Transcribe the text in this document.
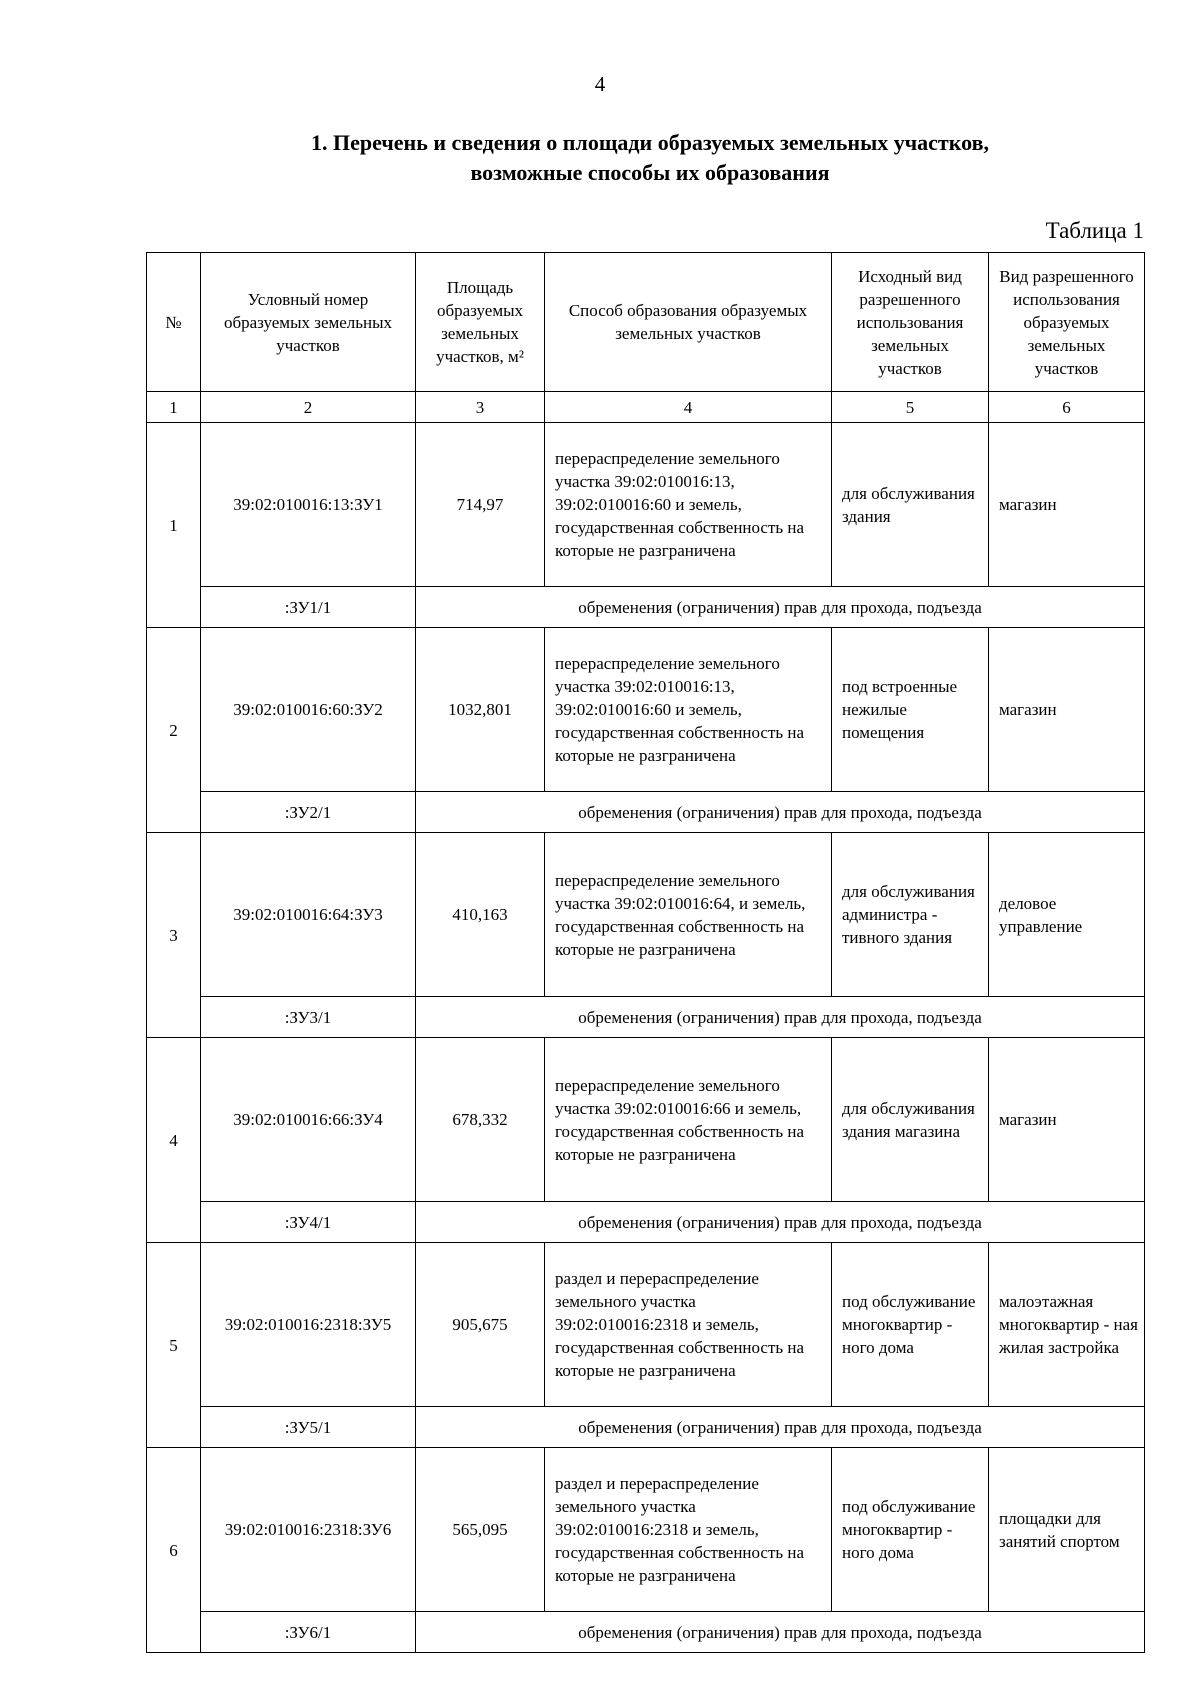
4
1. Перечень и сведения о площади образуемых земельных участков,
возможные способы их образования
Таблица 1
№	Условный номер образуемых земельных участков	Площадь образуемых земельных участков, м²	Способ образования образуемых земельных участков	Исходный вид разрешенного использования земельных участков	Вид разрешенного использования образуемых земельных участков
1	2	3	4	5	6
1	39:02:010016:13:ЗУ1	714,97	перераспределение земельного участка 39:02:010016:13, 39:02:010016:60 и земель, государственная собственность на которые не разграничена	для обслуживания здания	магазин
	:ЗУ1/1	обременения (ограничения) прав для прохода, подъезда			
2	39:02:010016:60:ЗУ2	1032,801	перераспределение земельного участка 39:02:010016:13, 39:02:010016:60 и земель, государственная собственность на которые не разграничена	под встроенные нежилые помещения	магазин
	:ЗУ2/1	обременения (ограничения) прав для прохода, подъезда			
3	39:02:010016:64:ЗУ3	410,163	перераспределение земельного участка 39:02:010016:64, и земель, государственная собственность на которые не разграничена	для обслуживания администра - тивного здания	деловое управление
	:ЗУ3/1	обременения (ограничения) прав для прохода, подъезда			
4	39:02:010016:66:ЗУ4	678,332	перераспределение земельного участка 39:02:010016:66 и земель, государственная собственность на которые не разграничена	для обслуживания здания магазина	магазин
	:ЗУ4/1	обременения (ограничения) прав для прохода, подъезда			
5	39:02:010016:2318:ЗУ5	905,675	раздел и перераспределение земельного участка 39:02:010016:2318 и земель, государственная собственность на которые не разграничена	под обслуживание многоквартир - ного дома	малоэтажная многоквартир - ная жилая застройка
	:ЗУ5/1	обременения (ограничения) прав для прохода, подъезда			
6	39:02:010016:2318:ЗУ6	565,095	раздел и перераспределение земельного участка 39:02:010016:2318 и земель, государственная собственность на которые не разграничена	под обслуживание многоквартир - ного дома	площадки для занятий спортом
	:ЗУ6/1	обременения (ограничения) прав для прохода, подъезда			
